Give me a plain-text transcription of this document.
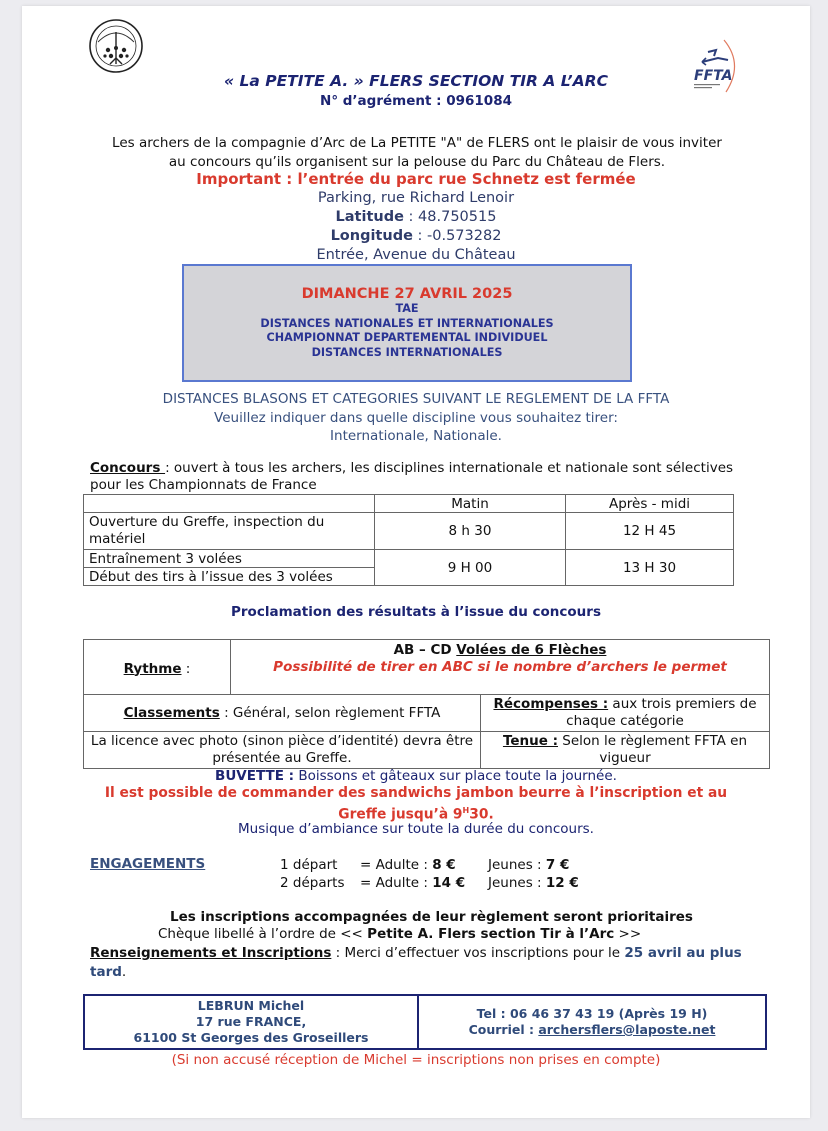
FFTA
« La PETITE A. » FLERS SECTION TIR A L’ARC
N° d’agrément : 0961084
Les archers de la compagnie d’Arc de La PETITE "A" de FLERS ont le plaisir de vous inviter
au concours qu’ils organisent sur la pelouse du Parc du Château de Flers.
Important : l’entrée du parc rue Schnetz est fermée
Parking, rue Richard Lenoir
Latitude : 48.750515
Longitude : -0.573282
Entrée, Avenue du Château
DIMANCHE 27 AVRIL 2025
TAE
DISTANCES NATIONALES ET INTERNATIONALES
CHAMPIONNAT DEPARTEMENTAL INDIVIDUEL
DISTANCES INTERNATIONALES
DISTANCES BLASONS ET CATEGORIES SUIVANT LE REGLEMENT DE LA FFTA
Veuillez indiquer dans quelle discipline vous souhaitez tirer:
Internationale, Nationale.
Concours : ouvert à tous les archers, les disciplines internationale et nationale sont sélectives pour les Championnats de France
	Matin	Après - midi
Ouverture du Greffe, inspection du matériel	8 h 30	12 H 45
Entraînement 3 volées	9 H 00	13 H 30
Début des tirs à l’issue des 3 volées		
Proclamation des résultats à l’issue du concours
Rythme :	AB – CD Volées de 6 Flèches
Possibilité de tirer en ABC si le nombre d’archers le permet	

Classements : Général, selon règlement FFTA		Récompenses : aux trois premiers de chaque catégorie
La licence avec photo (sinon pièce d’identité) devra être présentée au Greffe.		Tenue : Selon le règlement FFTA en vigueur
BUVETTE : Boissons et gâteaux sur place toute la journée.
Il est possible de commander des sandwichs jambon beurre à l’inscription et au
Greffe jusqu’à $9^H30$.
Musique d’ambiance sur toute la durée du concours.
ENGAGEMENTS	1 départ = Adulte : 8 € Jeunes : 7 €
2 départs = Adulte : 14 € Jeunes : 12 €
Les inscriptions accompagnées de leur règlement seront prioritaires
Chèque libellé à l’ordre de << Petite A. Flers section Tir à l’Arc >>
Renseignements et Inscriptions : Merci d’effectuer vos inscriptions pour le 25 avril au plus tard.
LEBRUN Michel
17 rue FRANCE,
61100 St Georges des Groseillers
Tel : 06 46 37 43 19 (Après 19 H)
Courriel : archersflers@laposte.net
(Si non accusé réception de Michel = inscriptions non prises en compte)
